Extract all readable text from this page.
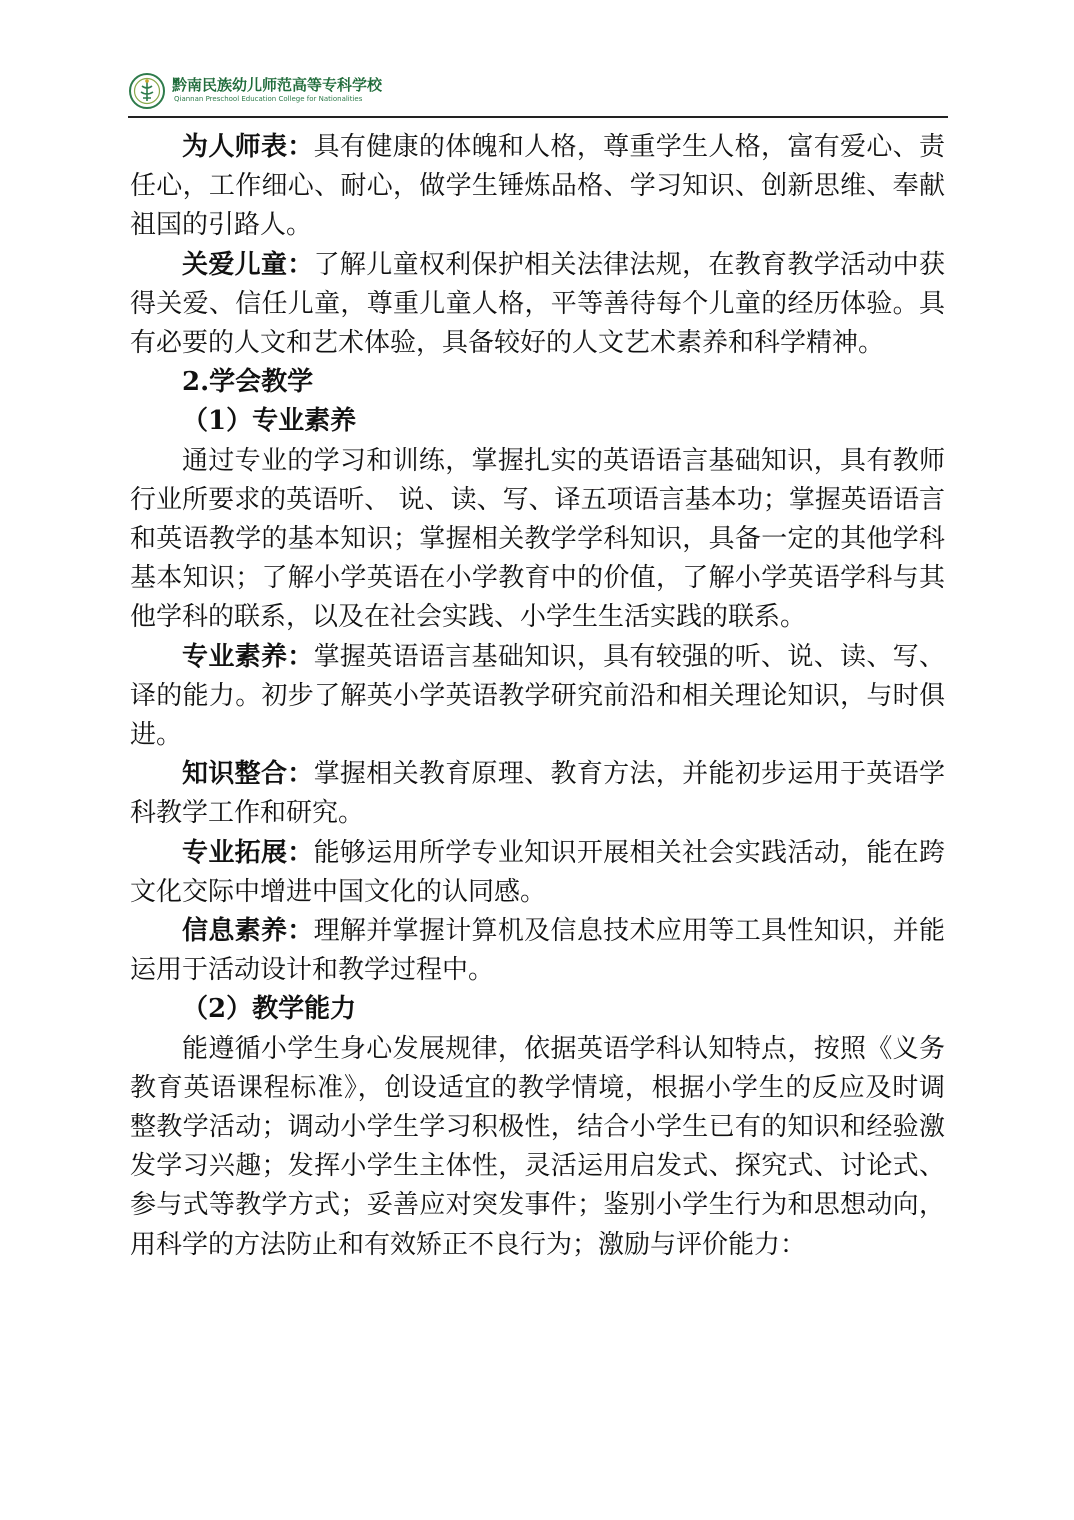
黔南民族幼儿师范高等专科学校
Qiannan Preschool Education College for Nationalities

为人师表：具有健康的体魄和人格，尊重学生人格，富有爱心、责任心，工作细心、耐心，做学生锤炼品格、学习知识、创新思维、奉献祖国的引路人。

关爱儿童：了解儿童权利保护相关法律法规，在教育教学活动中获得关爱、信任儿童，尊重儿童人格，平等善待每个儿童的经历体验。具有必要的人文和艺术体验，具备较好的人文艺术素养和科学精神。

2.学会教学

（1）专业素养

通过专业的学习和训练，掌握扎实的英语语言基础知识，具有教师行业所要求的英语听、 说、读、写、译五项语言基本功；掌握英语语言和英语教学的基本知识；掌握相关教学学科知识，具备一定的其他学科基本知识；了解小学英语在小学教育中的价值，了解小学英语学科与其他学科的联系，以及在社会实践、小学生生活实践的联系。

专业素养：掌握英语语言基础知识，具有较强的听、说、读、写、译的能力。初步了解英小学英语教学研究前沿和相关理论知识，与时俱进。

知识整合：掌握相关教育原理、教育方法，并能初步运用于英语学科教学工作和研究。

专业拓展：能够运用所学专业知识开展相关社会实践活动，能在跨文化交际中增进中国文化的认同感。

信息素养：理解并掌握计算机及信息技术应用等工具性知识，并能运用于活动设计和教学过程中。

（2）教学能力

能遵循小学生身心发展规律，依据英语学科认知特点，按照《义务教育英语课程标准》，创设适宜的教学情境，根据小学生的反应及时调整教学活动；调动小学生学习积极性，结合小学生已有的知识和经验激发学习兴趣；发挥小学生主体性，灵活运用启发式、探究式、讨论式、参与式等教学方式；妥善应对突发事件；鉴别小学生行为和思想动向，用科学的方法防止和有效矫正不良行为；激励与评价能力：
